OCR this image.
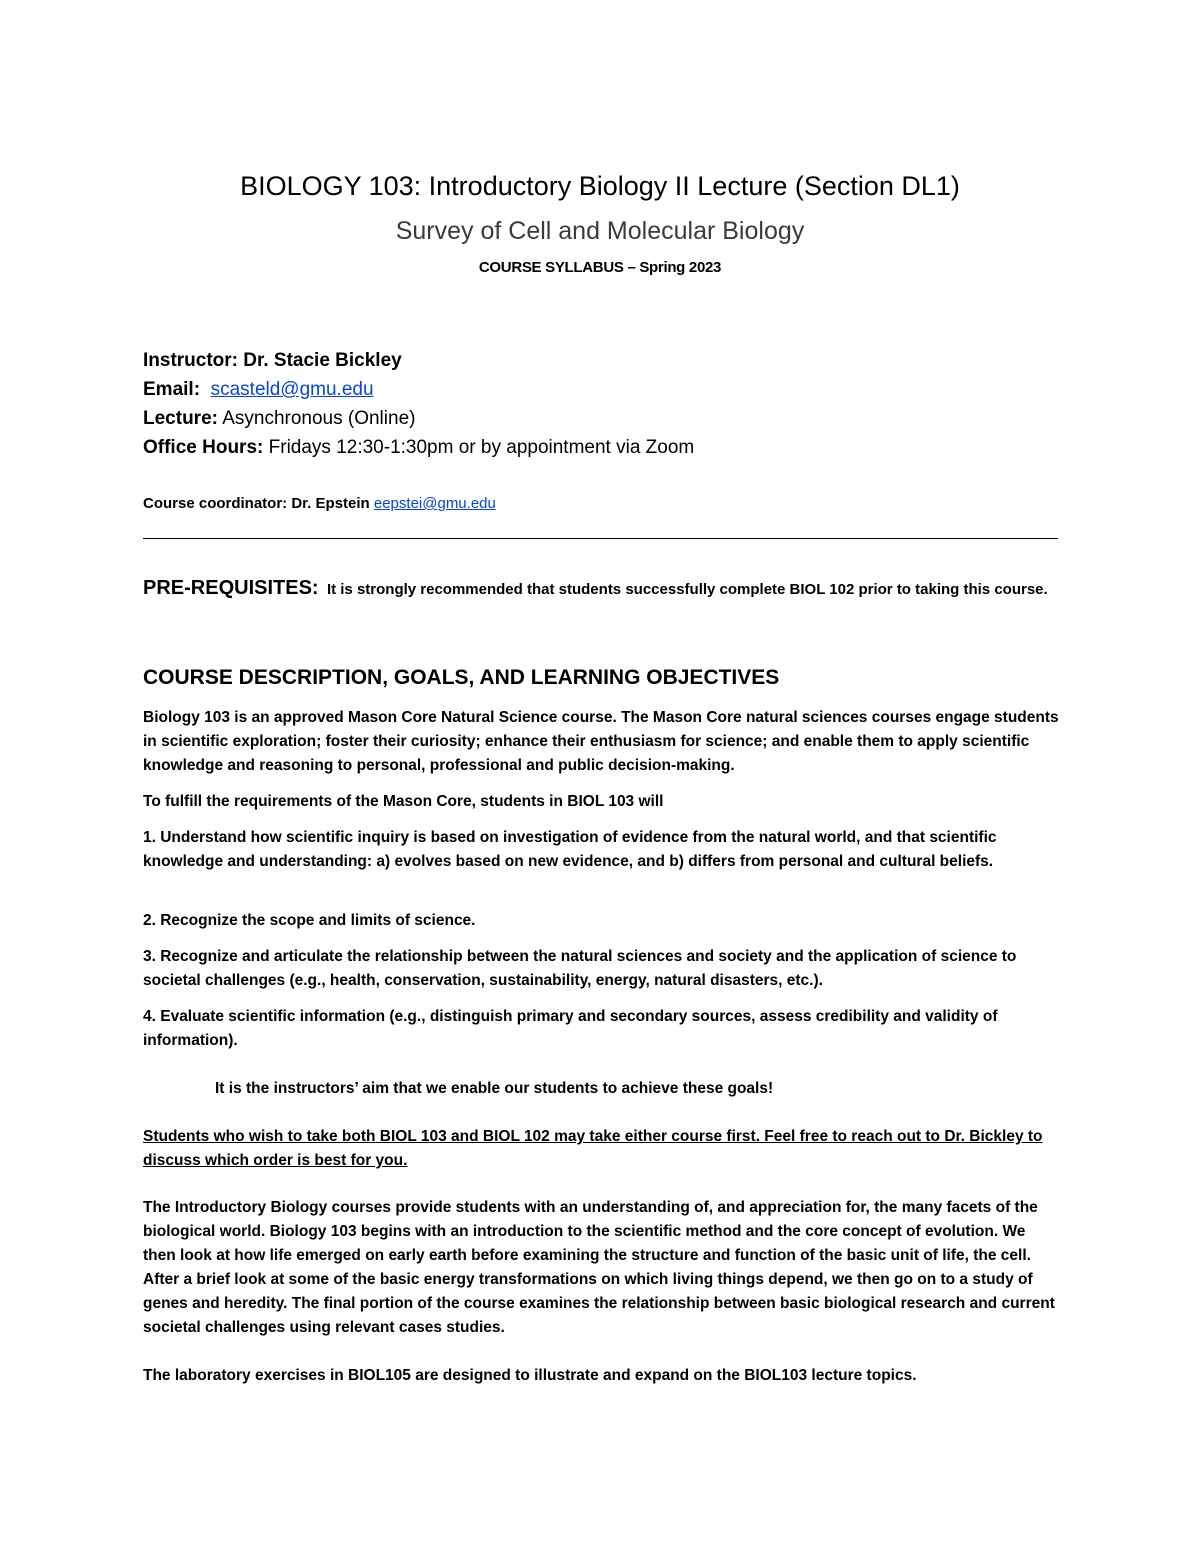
BIOLOGY 103: Introductory Biology II Lecture (Section DL1)
Survey of Cell and Molecular Biology
COURSE SYLLABUS – Spring 2023
Instructor: Dr. Stacie Bickley
Email: scasteld@gmu.edu
Lecture: Asynchronous (Online)
Office Hours: Fridays 12:30-1:30pm or by appointment via Zoom
Course coordinator: Dr. Epstein eepstei@gmu.edu
PRE-REQUISITES: It is strongly recommended that students successfully complete BIOL 102 prior to taking this course.
COURSE DESCRIPTION, GOALS, AND LEARNING OBJECTIVES
Biology 103 is an approved Mason Core Natural Science course. The Mason Core natural sciences courses engage students in scientific exploration; foster their curiosity; enhance their enthusiasm for science; and enable them to apply scientific knowledge and reasoning to personal, professional and public decision-making.
To fulfill the requirements of the Mason Core, students in BIOL 103 will
1. Understand how scientific inquiry is based on investigation of evidence from the natural world, and that scientific knowledge and understanding: a) evolves based on new evidence, and b) differs from personal and cultural beliefs.
2. Recognize the scope and limits of science.
3. Recognize and articulate the relationship between the natural sciences and society and the application of science to societal challenges (e.g., health, conservation, sustainability, energy, natural disasters, etc.).
4. Evaluate scientific information (e.g., distinguish primary and secondary sources, assess credibility and validity of information).
It is the instructors’ aim that we enable our students to achieve these goals!
Students who wish to take both BIOL 103 and BIOL 102 may take either course first. Feel free to reach out to Dr. Bickley to discuss which order is best for you.
The Introductory Biology courses provide students with an understanding of, and appreciation for, the many facets of the biological world. Biology 103 begins with an introduction to the scientific method and the core concept of evolution. We then look at how life emerged on early earth before examining the structure and function of the basic unit of life, the cell. After a brief look at some of the basic energy transformations on which living things depend, we then go on to a study of genes and heredity. The final portion of the course examines the relationship between basic biological research and current societal challenges using relevant cases studies.
The laboratory exercises in BIOL105 are designed to illustrate and expand on the BIOL103 lecture topics.
